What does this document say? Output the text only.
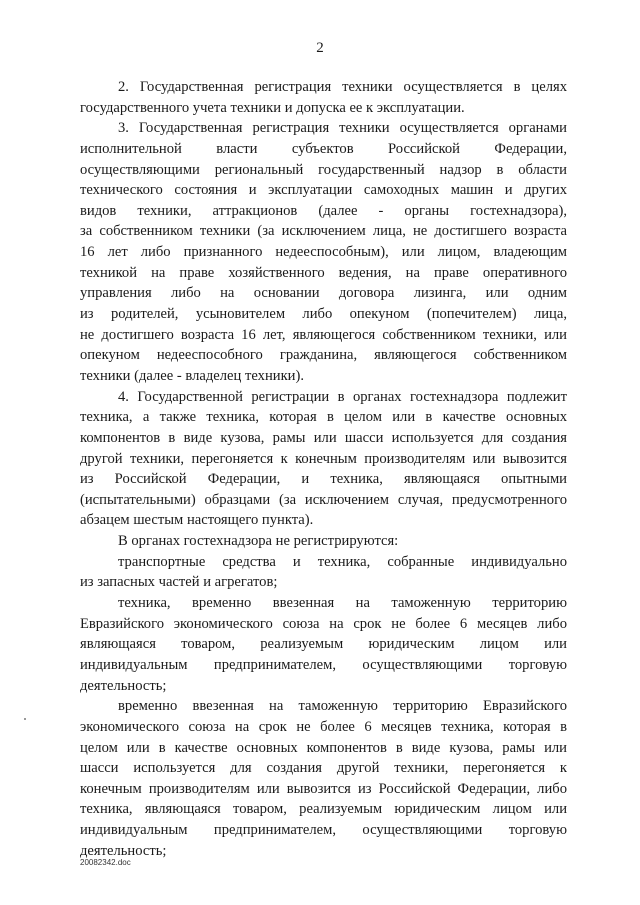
2
2. Государственная регистрация техники осуществляется в целях
государственного учета техники и допуска ее к эксплуатации.
3. Государственная регистрация техники осуществляется органами
исполнительной власти субъектов Российской Федерации,
осуществляющими региональный государственный надзор в области
технического состояния и эксплуатации самоходных машин и других
видов техники, аттракционов (далее - органы гостехнадзора),
за собственником техники (за исключением лица, не достигшего возраста
16 лет либо признанного недееспособным), или лицом, владеющим
техникой на праве хозяйственного ведения, на праве оперативного
управления либо на основании договора лизинга, или одним
из родителей, усыновителем либо опекуном (попечителем) лица,
не достигшего возраста 16 лет, являющегося собственником техники, или
опекуном недееспособного гражданина, являющегося собственником
техники (далее - владелец техники).
4. Государственной регистрации в органах гостехнадзора подлежит
техника, а также техника, которая в целом или в качестве основных
компонентов в виде кузова, рамы или шасси используется для создания
другой техники, перегоняется к конечным производителям или вывозится
из Российской Федерации, и техника, являющаяся опытными
(испытательными) образцами (за исключением случая, предусмотренного
абзацем шестым настоящего пункта).
В органах гостехнадзора не регистрируются:
транспортные средства и техника, собранные индивидуально
из запасных частей и агрегатов;
техника, временно ввезенная на таможенную территорию
Евразийского экономического союза на срок не более 6 месяцев либо
являющаяся товаром, реализуемым юридическим лицом или
индивидуальным предпринимателем, осуществляющими торговую
деятельность;
временно ввезенная на таможенную территорию Евразийского
экономического союза на срок не более 6 месяцев техника, которая в
целом или в качестве основных компонентов в виде кузова, рамы или
шасси используется для создания другой техники, перегоняется к
конечным производителям или вывозится из Российской Федерации, либо
техника, являющаяся товаром, реализуемым юридическим лицом или
индивидуальным предпринимателем, осуществляющими торговую
деятельность;
20082342.doc
